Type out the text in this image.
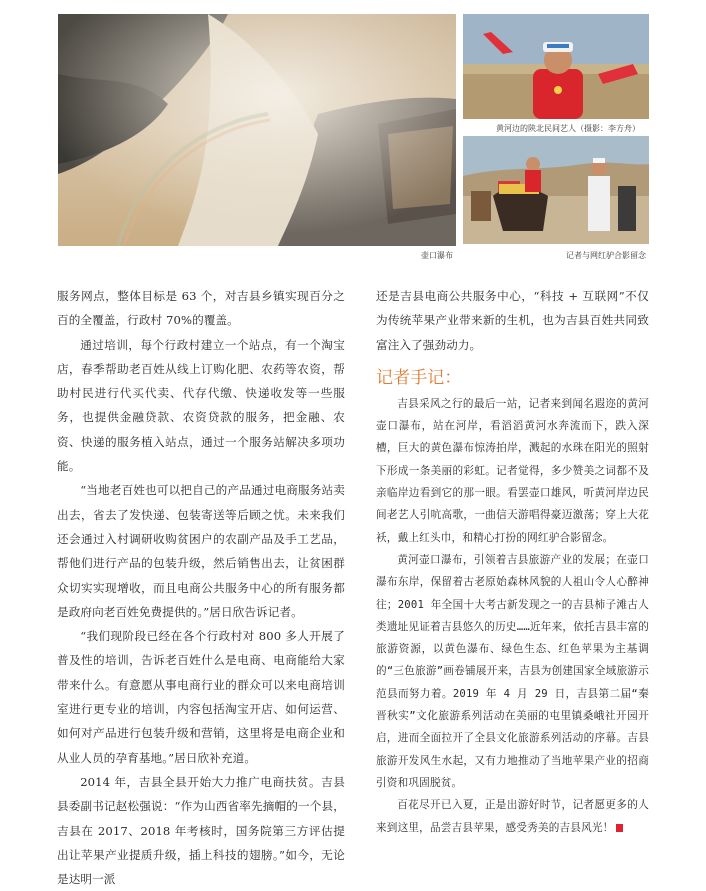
壶口瀑布
黄河边的陕北民间艺人（摄影：李方舟）
记者与网红驴合影留念

服务网点，整体目标是 63 个，对吉县乡镇实现百分之百的全覆盖，行政村 70%的覆盖。

通过培训，每个行政村建立一个站点，有一个淘宝店，春季帮助老百姓从线上订购化肥、农药等农资，帮助村民进行代买代卖、代存代缴、快递收发等一些服务，也提供金融贷款、农资贷款的服务，把金融、农资、快递的服务植入站点，通过一个服务站解决多项功能。

“当地老百姓也可以把自己的产品通过电商服务站卖出去，省去了发快递、包装寄送等后顾之忧。未来我们还会通过入村调研收购贫困户的农副产品及手工艺品，帮他们进行产品的包装升级，然后销售出去，让贫困群众切实实现增收，而且电商公共服务中心的所有服务都是政府向老百姓免费提供的。”居日欣告诉记者。

“我们现阶段已经在各个行政村对 800 多人开展了普及性的培训，告诉老百姓什么是电商、电商能给大家带来什么。有意愿从事电商行业的群众可以来电商培训室进行更专业的培训，内容包括淘宝开店、如何运营、如何对产品进行包装升级和营销，这里将是电商企业和从业人员的孕育基地。”居日欣补充道。

2014 年，吉县全县开始大力推广电商扶贫。吉县县委副书记赵松强说：“作为山西省率先摘帽的一个县，吉县在 2017、2018 年考核时，国务院第三方评估提出让苹果产业提质升级，插上科技的翅膀。”如今，无论是达明一派

还是吉县电商公共服务中心，“科技 + 互联网”不仅为传统苹果产业带来新的生机，也为吉县百姓共同致富注入了强劲动力。

记者手记：

吉县采风之行的最后一站，记者来到闻名遐迩的黄河壶口瀑布，站在河岸，看滔滔黄河水奔流而下，跌入深槽，巨大的黄色瀑布惊涛拍岸，溅起的水珠在阳光的照射下形成一条美丽的彩虹。记者觉得，多少赞美之词都不及亲临岸边看到它的那一眼。看罢壶口雄风，听黄河岸边民间老艺人引吭高歌，一曲信天游唱得豪迈激荡；穿上大花袄，戴上红头巾，和精心打扮的网红驴合影留念。

黄河壶口瀑布，引领着吉县旅游产业的发展；在壶口瀑布东岸，保留着古老原始森林风貌的人祖山令人心醉神往；2001 年全国十大考古新发现之一的吉县柿子滩古人类遗址见证着吉县悠久的历史……近年来，依托吉县丰富的旅游资源，以黄色瀑布、绿色生态、红色苹果为主基调的“三色旅游”画卷铺展开来，吉县为创建国家全域旅游示范县而努力着。2019 年 4 月 29 日，吉县第二届“秦晋秋实”文化旅游系列活动在美丽的屯里镇桑峨社开园开启，进而全面拉开了全县文化旅游系列活动的序幕。吉县旅游开发风生水起，又有力地推动了当地苹果产业的招商引资和巩固脱贫。

百花尽开已入夏，正是出游好时节，记者愿更多的人来到这里，品尝吉县苹果，感受秀美的吉县风光！
